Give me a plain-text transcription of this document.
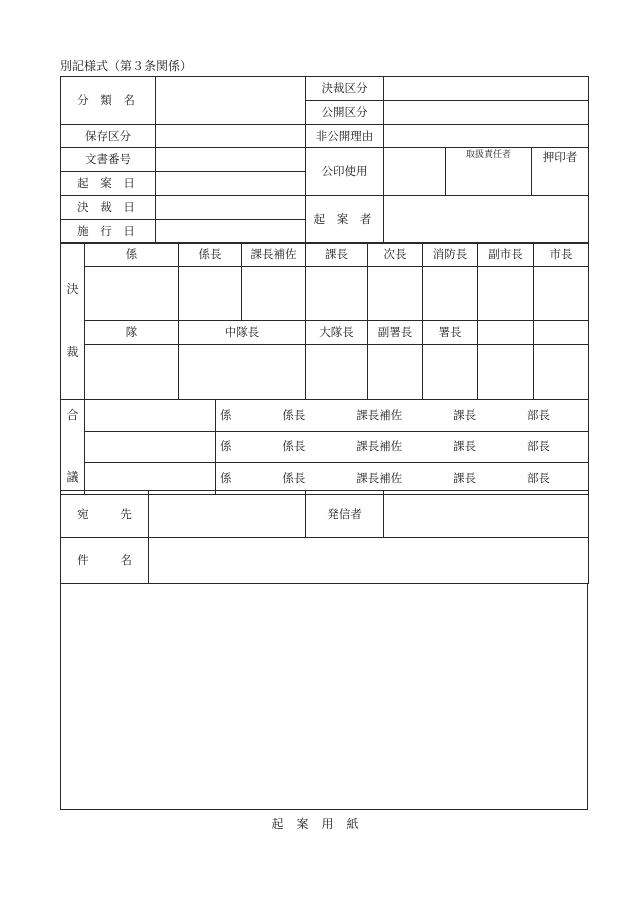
別記様式（第３条関係）
分 類 名		決裁区分			
		公開区分			
保存区分		非公開理由			
文書番号		公印使用		取扱責任者	押印者
起 案 日					
決 裁 日		起 案 者			
施 行 日					
決

裁	係	係長	課長補佐	課長	次長	消防長	副市長	市長

	隊	中隊長		大隊長	副署長	署長		

合

議		係 係長 課長補佐 課長 部長

		係 係長 課長補佐 課長 部長

		係 係長 課長補佐 課長 部長
宛 先		発信者	
件 名			
起案用紙
